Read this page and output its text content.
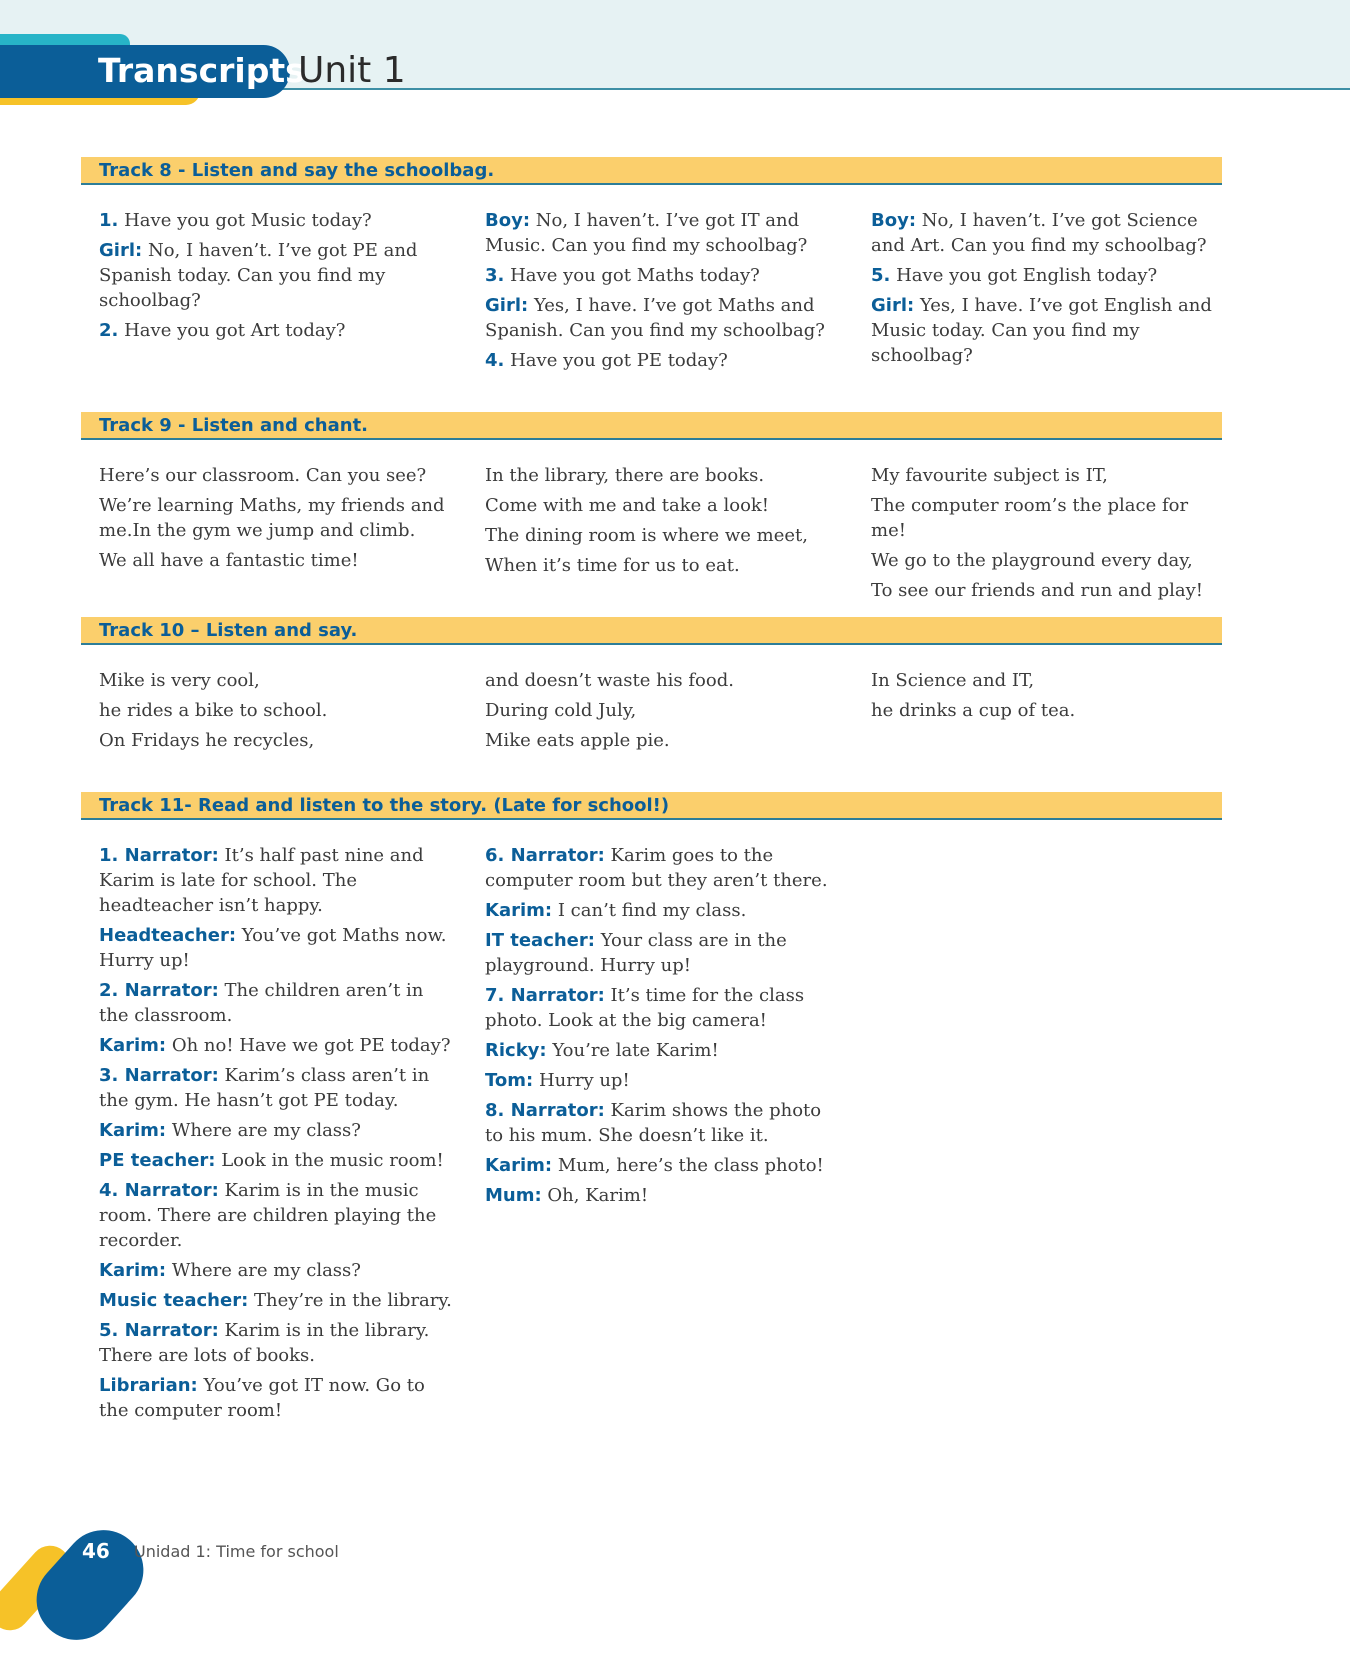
Transcripts
Unit 1
Track 8 - Listen and say the schoolbag.

1. Have you got Music today?

Girl: No, I haven’t. I’ve got PE and Spanish today. Can you find my schoolbag?

2. Have you got Art today?

Boy: No, I haven’t. I’ve got IT and Music. Can you find my schoolbag?

3. Have you got Maths today?

Girl: Yes, I have. I’ve got Maths and Spanish. Can you find my schoolbag?

4. Have you got PE today?

Boy: No, I haven’t. I’ve got Science and Art. Can you find my schoolbag?

5. Have you got English today?

Girl: Yes, I have. I’ve got English and Music today. Can you find my schoolbag?

Track 9 - Listen and chant.

Here’s our classroom. Can you see?

We’re learning Maths, my friends and me.In the gym we jump and climb.

We all have a fantastic time!

In the library, there are books.

Come with me and take a look!

The dining room is where we meet,

When it’s time for us to eat.

My favourite subject is IT,

The computer room’s the place for me!

We go to the playground every day,

To see our friends and run and play!

Track 10 – Listen and say.

Mike is very cool,

he rides a bike to school.

On Fridays he recycles,

and doesn’t waste his food.

During cold July,

Mike eats apple pie.

In Science and IT,

he drinks a cup of tea.

Track 11- Read and listen to the story. (Late for school!)

1. Narrator: It’s half past nine and Karim is late for school. The headteacher isn’t happy.

Headteacher: You’ve got Maths now. Hurry up!

2. Narrator: The children aren’t in the classroom.

Karim: Oh no! Have we got PE today?

3. Narrator: Karim’s class aren’t in the gym. He hasn’t got PE today.

Karim: Where are my class?

PE teacher: Look in the music room!

4. Narrator: Karim is in the music room. There are children playing the recorder.

Karim: Where are my class?

Music teacher: They’re in the library.

5. Narrator: Karim is in the library. There are lots of books.

Librarian: You’ve got IT now. Go to the computer room!

6. Narrator: Karim goes to the computer room but they aren’t there.

Karim: I can’t find my class.

IT teacher: Your class are in the playground. Hurry up!

7. Narrator: It’s time for the class photo. Look at the big camera!

Ricky: You’re late Karim!

Tom: Hurry up!

8. Narrator: Karim shows the photo to his mum. She doesn’t like it.

Karim: Mum, here’s the class photo!

Mum: Oh, Karim!

46 Unidad 1: Time for school
